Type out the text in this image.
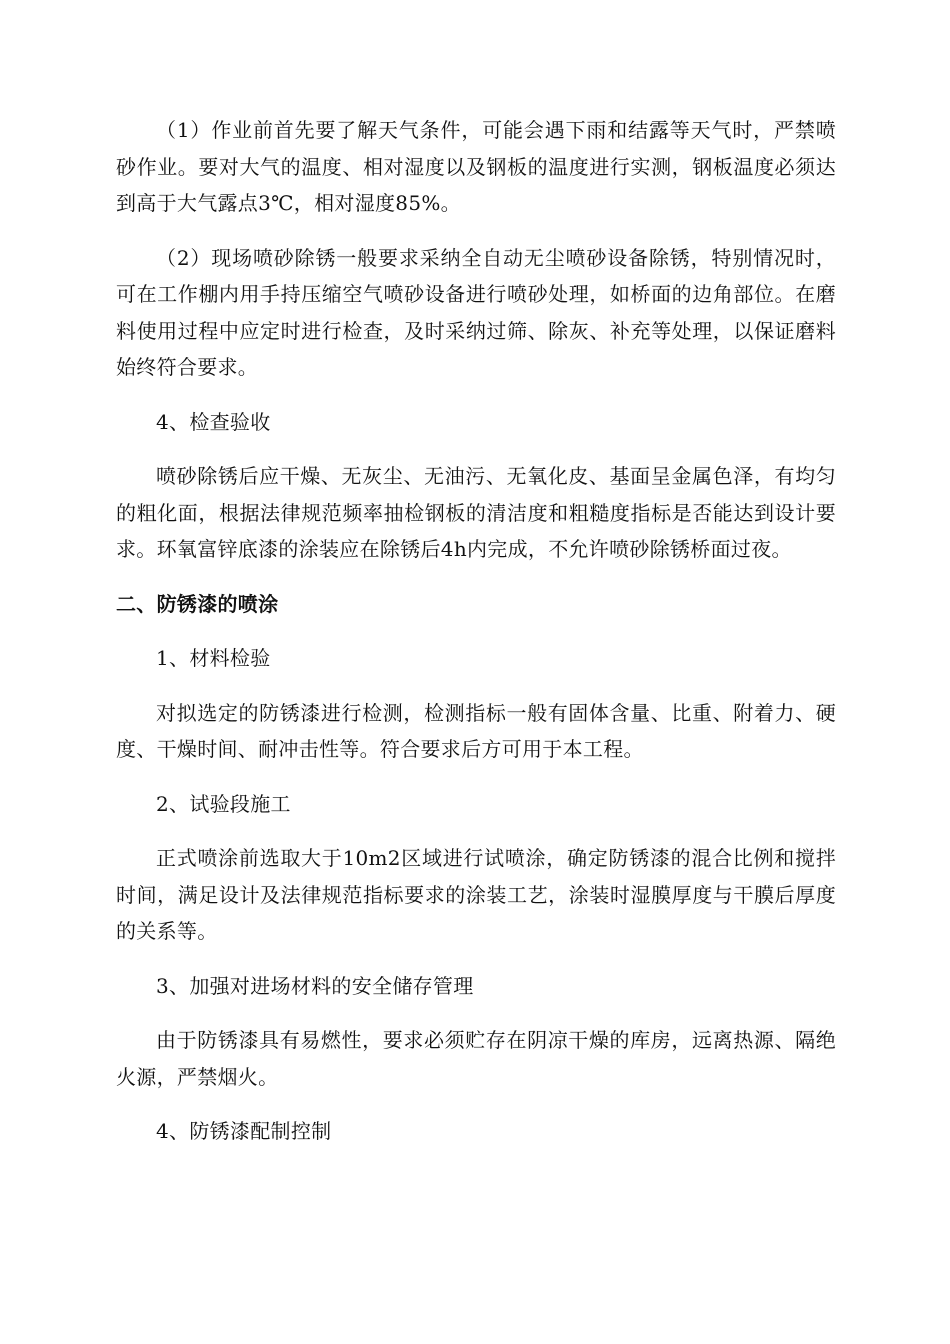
（1）作业前首先要了解天气条件，可能会遇下雨和结露等天气时，严禁喷砂作业。要对大气的温度、相对湿度以及钢板的温度进行实测，钢板温度必须达到高于大气露点3℃，相对湿度85%。

（2）现场喷砂除锈一般要求采纳全自动无尘喷砂设备除锈，特别情况时，可在工作棚内用手持压缩空气喷砂设备进行喷砂处理，如桥面的边角部位。在磨料使用过程中应定时进行检查，及时采纳过筛、除灰、补充等处理，以保证磨料始终符合要求。

4、检查验收

喷砂除锈后应干燥、无灰尘、无油污、无氧化皮、基面呈金属色泽，有均匀的粗化面，根据法律规范频率抽检钢板的清洁度和粗糙度指标是否能达到设计要求。环氧富锌底漆的涂装应在除锈后4h内完成，不允许喷砂除锈桥面过夜。

二、防锈漆的喷涂

1、材料检验

对拟选定的防锈漆进行检测，检测指标一般有固体含量、比重、附着力、硬度、干燥时间、耐冲击性等。符合要求后方可用于本工程。

2、试验段施工

正式喷涂前选取大于10m2区域进行试喷涂，确定防锈漆的混合比例和搅拌时间，满足设计及法律规范指标要求的涂装工艺，涂装时湿膜厚度与干膜后厚度的关系等。

3、加强对进场材料的安全储存管理

由于防锈漆具有易燃性，要求必须贮存在阴凉干燥的库房，远离热源、隔绝火源，严禁烟火。

4、防锈漆配制控制
